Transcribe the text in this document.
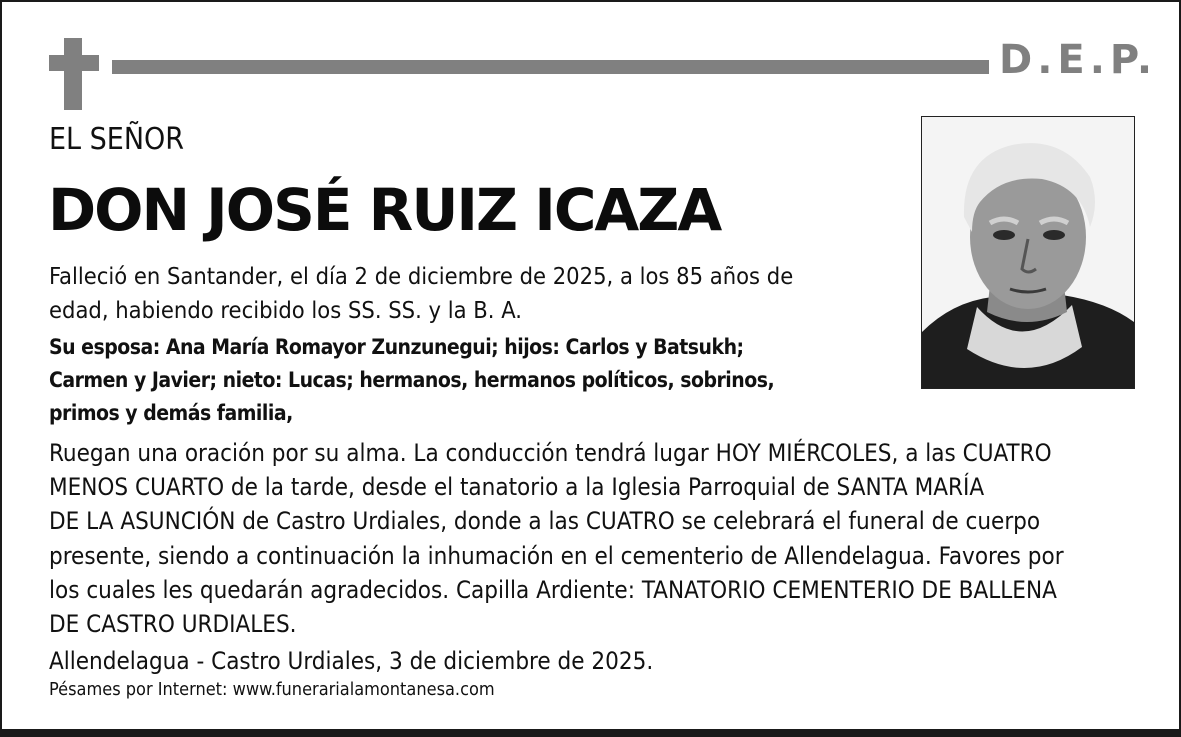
D.E.P.
EL SEÑOR
DON JOSÉ RUIZ ICAZA

Falleció en Santander, el día 2 de diciembre de 2025, a los 85 años de
edad, habiendo recibido los SS. SS. y la B. A.

Su esposa: Ana María Romayor Zunzunegui; hijos: Carlos y Batsukh;
Carmen y Javier; nieto: Lucas; hermanos, hermanos políticos, sobrinos,
primos y demás familia,

Ruegan una oración por su alma. La conducción tendrá lugar HOY MIÉRCOLES, a las CUATRO
MENOS CUARTO de la tarde, desde el tanatorio a la Iglesia Parroquial de SANTA MARÍA
DE LA ASUNCIÓN de Castro Urdiales, donde a las CUATRO se celebrará el funeral de cuerpo
presente, siendo a continuación la inhumación en el cementerio de Allendelagua. Favores por
los cuales les quedarán agradecidos. Capilla Ardiente: TANATORIO CEMENTERIO DE BALLENA
DE CASTRO URDIALES.

Allendelagua - Castro Urdiales, 3 de diciembre de 2025.

Pésames por Internet: www.funerarialamontanesa.com
